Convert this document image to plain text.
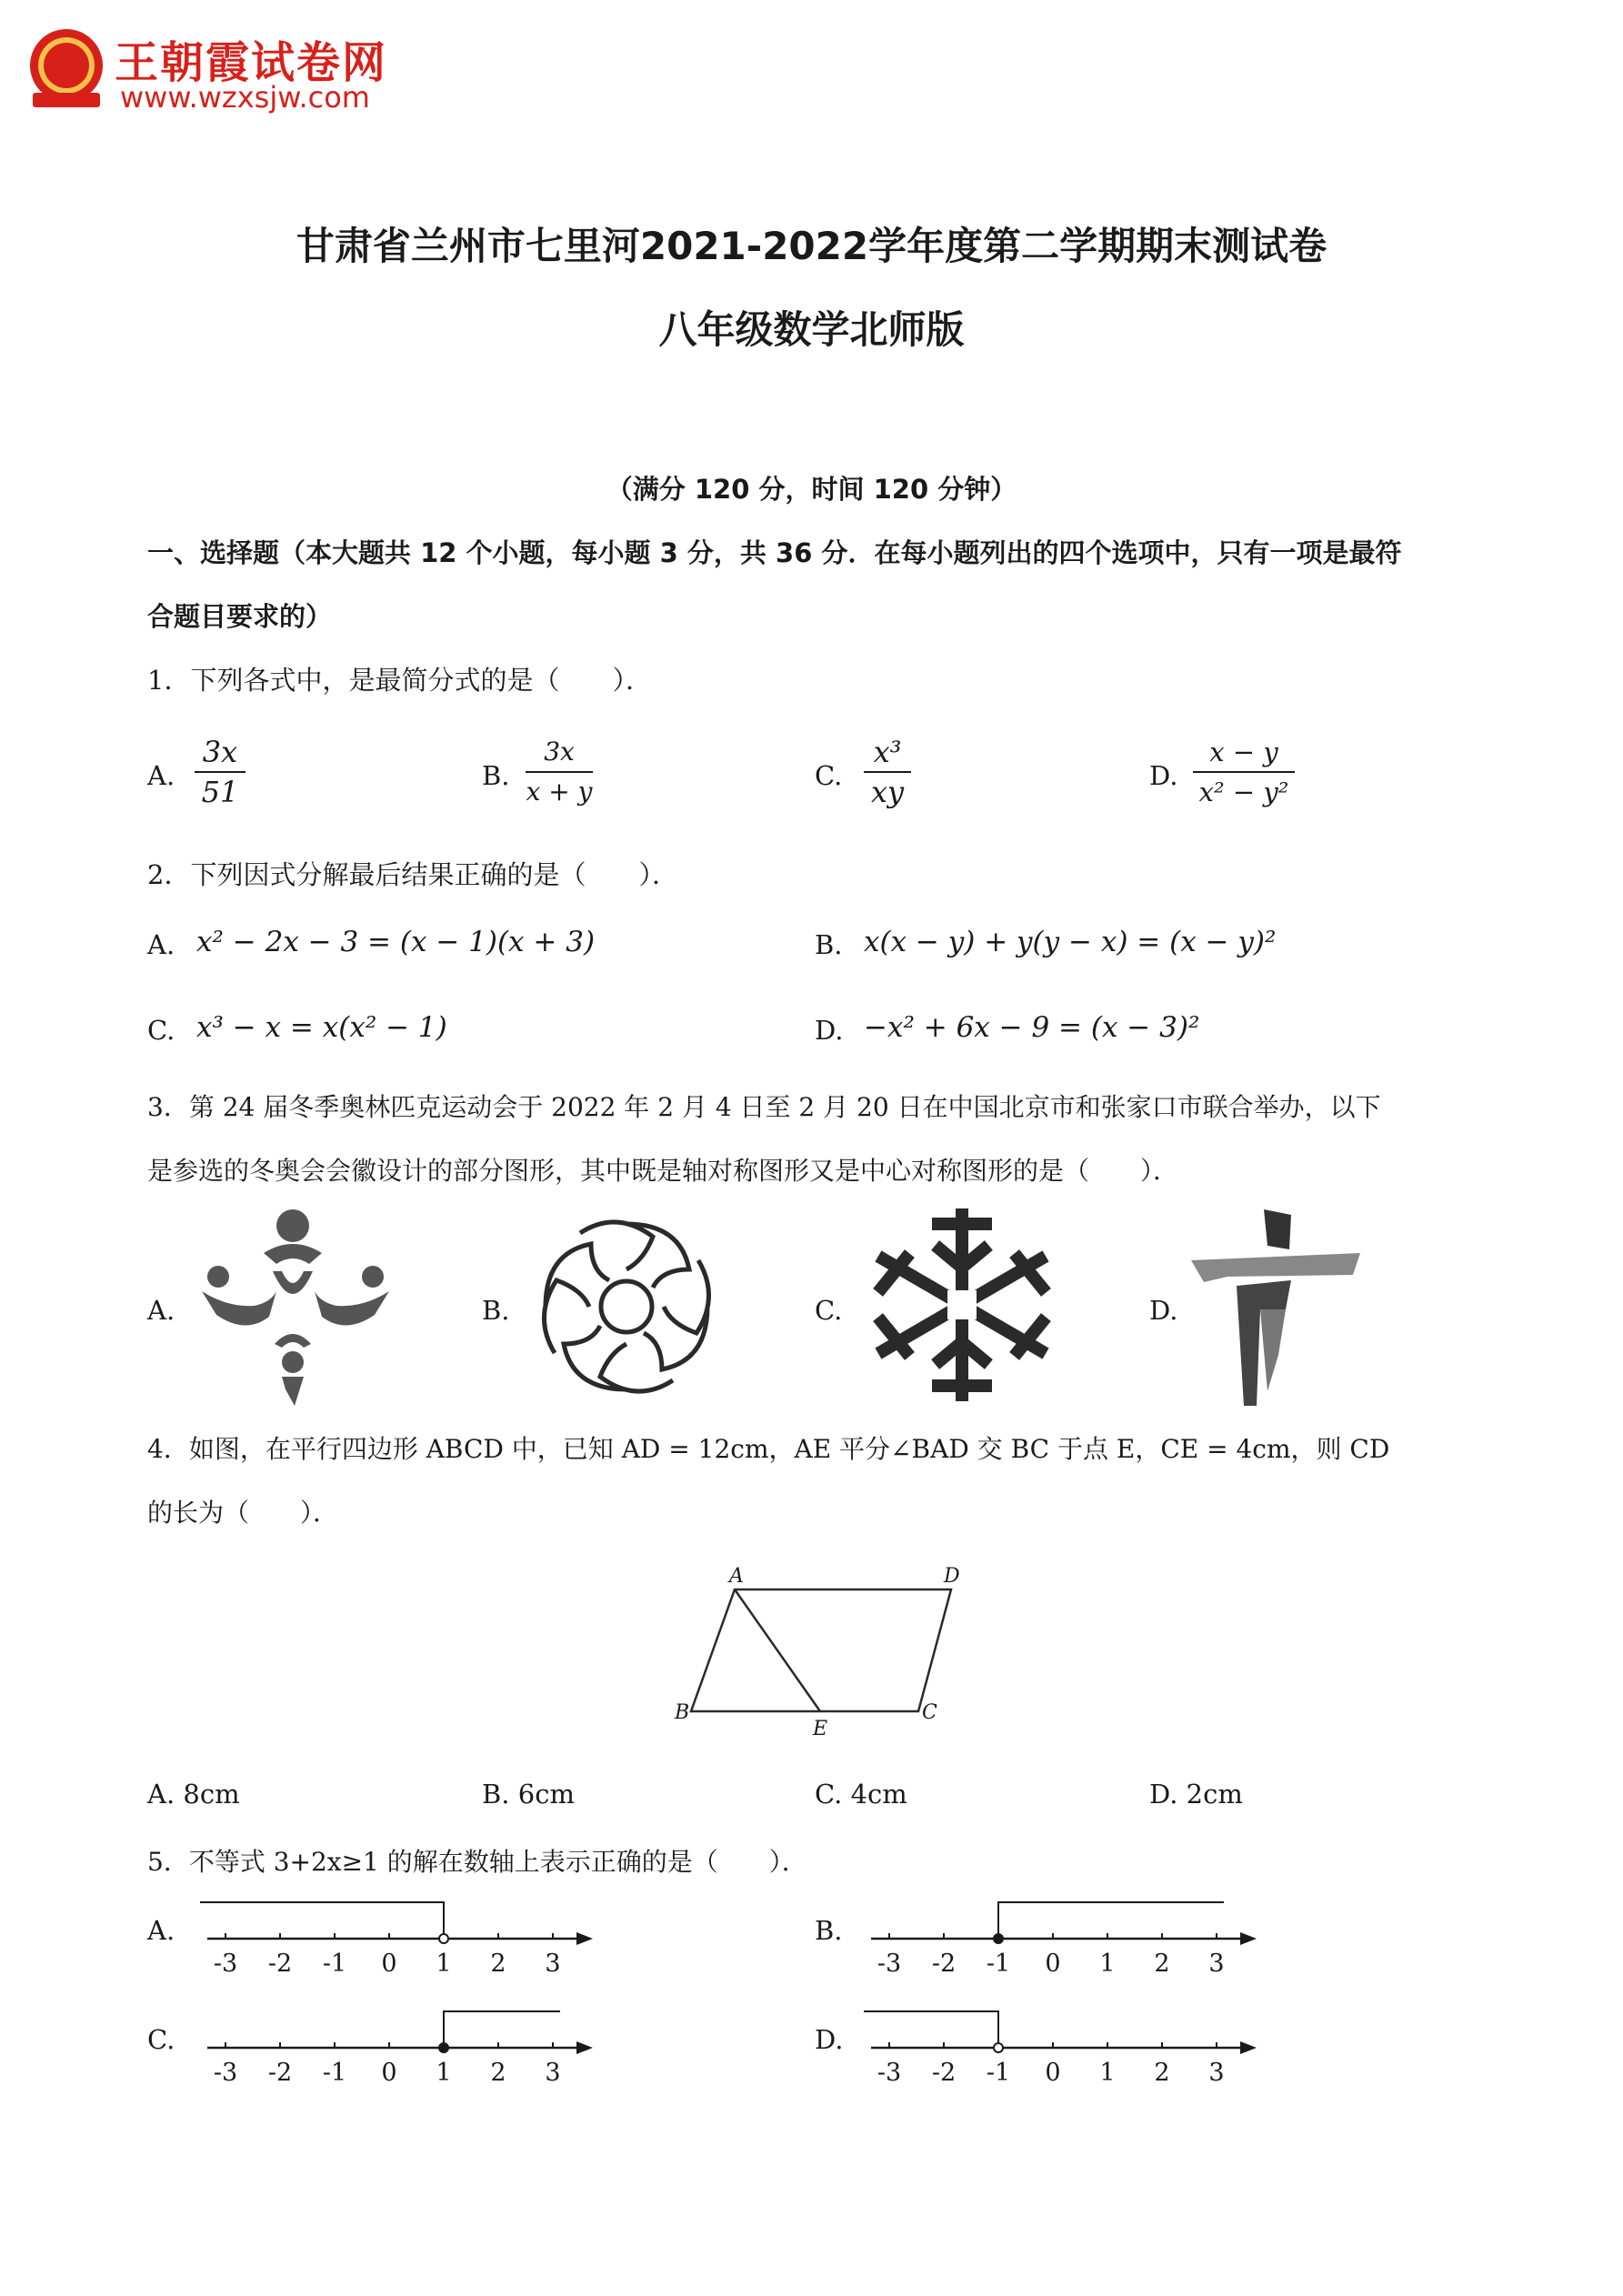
王朝霞试卷网
www.wzxsjw.com
甘肃省兰州市七里河2021-2022学年度第二学期期末测试卷
八年级数学北师版
（满分 120 分，时间 120 分钟）
一、选择题（本大题共 12 个小题，每小题 3 分，共 36 分．在每小题列出的四个选项中，只有一项是最符
合题目要求的）
1．下列各式中，是最简分式的是（　　）．
A.
3x
51	B.
3x
x + y
C.
x³
xy	D.
x − y
x² − y²
2．下列因式分解最后结果正确的是（　　）．
A. x² − 2x − 3 = (x − 1)(x + 3)	B. x(x − y) + y(y − x) = (x − y)²
C. x³ − x = x(x² − 1)	D. −x² + 6x − 9 = (x − 3)²
3．第 24 届冬季奥林匹克运动会于 2022 年 2 月 4 日至 2 月 20 日在中国北京市和张家口市联合举办，以下
是参选的冬奥会会徽设计的部分图形，其中既是轴对称图形又是中心对称图形的是（　　）．
A.	B.	C.	D.
4．如图，在平行四边形 ABCD 中，已知 AD = 12cm，AE 平分∠BAD 交 BC 于点 E，CE = 4cm，则 CD
的长为（　　）．
A	D
B	C
E
A. 8cm	B. 6cm	C. 4cm	D. 2cm
5．不等式 3+2x≥1 的解在数轴上表示正确的是（　　）．
A.
-3 -2 -1 0 1 2 3
B.
-3 -2 -1 0 1 2 3
C.
-3 -2 -1 0 1 2 3
D.
-3 -2 -1 0 1 2 3
